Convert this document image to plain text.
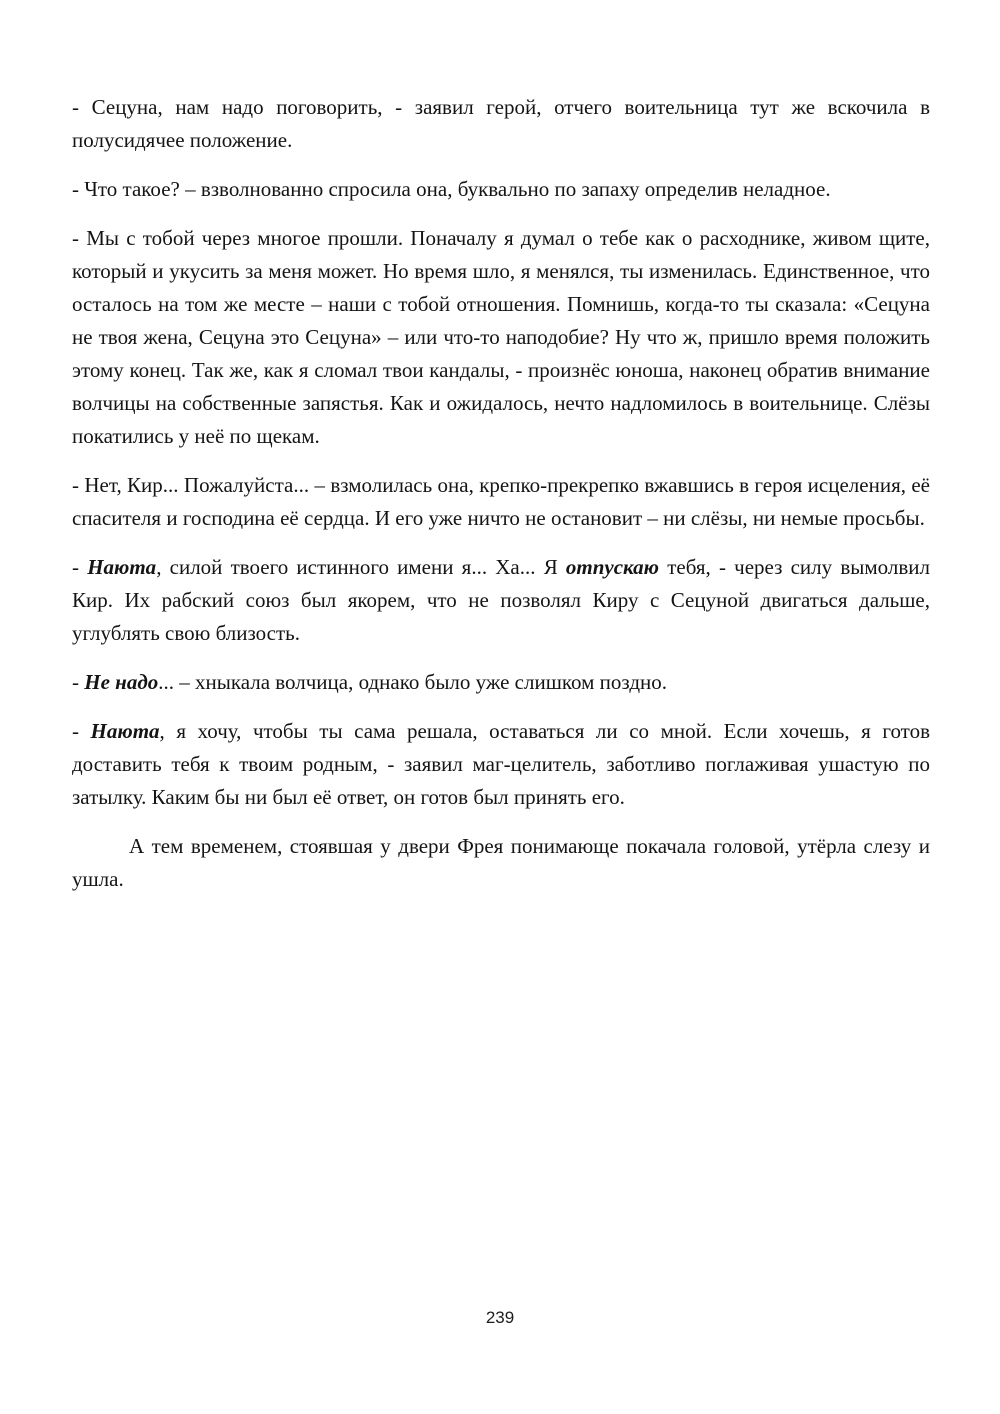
- Сецуна, нам надо поговорить, - заявил герой, отчего воительница тут же вскочила в полусидячее положение.

- Что такое? – взволнованно спросила она, буквально по запаху определив неладное.

- Мы с тобой через многое прошли. Поначалу я думал о тебе как о расходнике, живом щите, который и укусить за меня может. Но время шло, я менялся, ты изменилась. Единственное, что осталось на том же месте – наши с тобой отношения. Помнишь, когда-то ты сказала: «Сецуна не твоя жена, Сецуна это Сецуна» – или что-то наподобие? Ну что ж, пришло время положить этому конец. Так же, как я сломал твои кандалы, - произнёс юноша, наконец обратив внимание волчицы на собственные запястья. Как и ожидалось, нечто надломилось в воительнице. Слёзы покатились у неё по щекам.

- Нет, Кир... Пожалуйста... – взмолилась она, крепко-прекрепко вжавшись в героя исцеления, её спасителя и господина её сердца. И его уже ничто не остановит – ни слёзы, ни немые просьбы.

- Наюта, силой твоего истинного имени я... Ха... Я отпускаю тебя, - через силу вымолвил Кир. Их рабский союз был якорем, что не позволял Киру с Сецуной двигаться дальше, углублять свою близость.

- Не надо... – хныкала волчица, однако было уже слишком поздно.

- Наюта, я хочу, чтобы ты сама решала, оставаться ли со мной. Если хочешь, я готов доставить тебя к твоим родным, - заявил маг-целитель, заботливо поглаживая ушастую по затылку. Каким бы ни был её ответ, он готов был принять его.

А тем временем, стоявшая у двери Фрея понимающе покачала головой, утёрла слезу и ушла.

239
